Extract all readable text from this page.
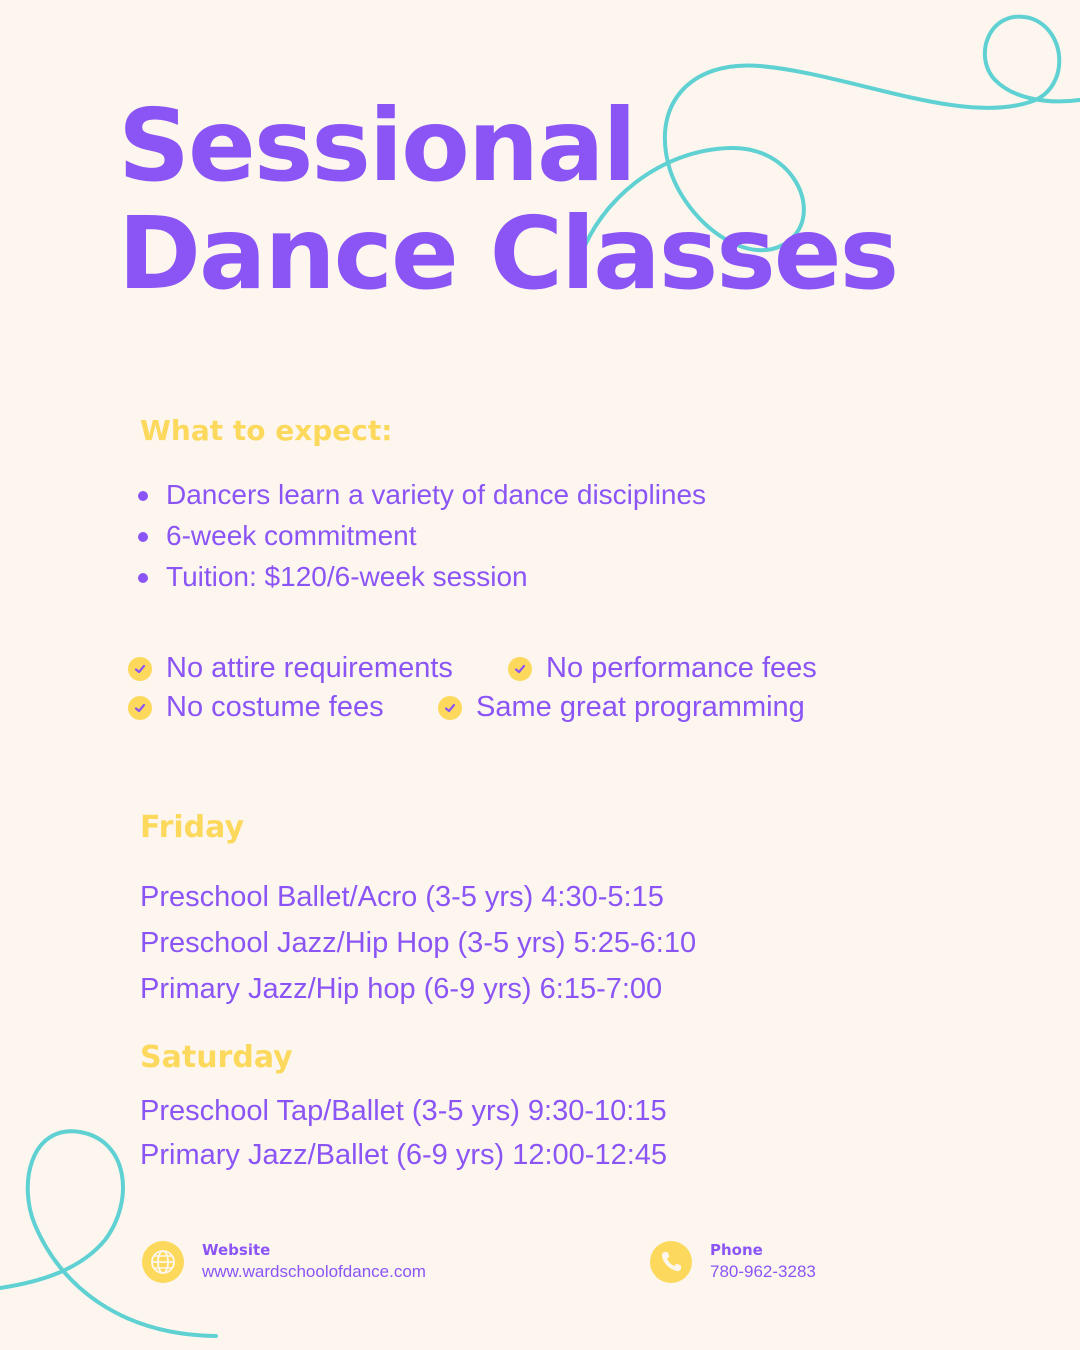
Sessional
Dance Classes
What to expect:
Dancers learn a variety of dance disciplines
6-week commitment
Tuition: $120/6-week session
No attire requirements	No performance fees
No costume fees	Same great programming
Friday
Preschool Ballet/Acro (3-5 yrs) 4:30-5:15
Preschool Jazz/Hip Hop (3-5 yrs) 5:25-6:10
Primary Jazz/Hip hop (6-9 yrs) 6:15-7:00
Saturday
Preschool Tap/Ballet (3-5 yrs) 9:30-10:15
Primary Jazz/Ballet (6-9 yrs) 12:00-12:45
Website
www.wardschoolofdance.com
Phone
780-962-3283
